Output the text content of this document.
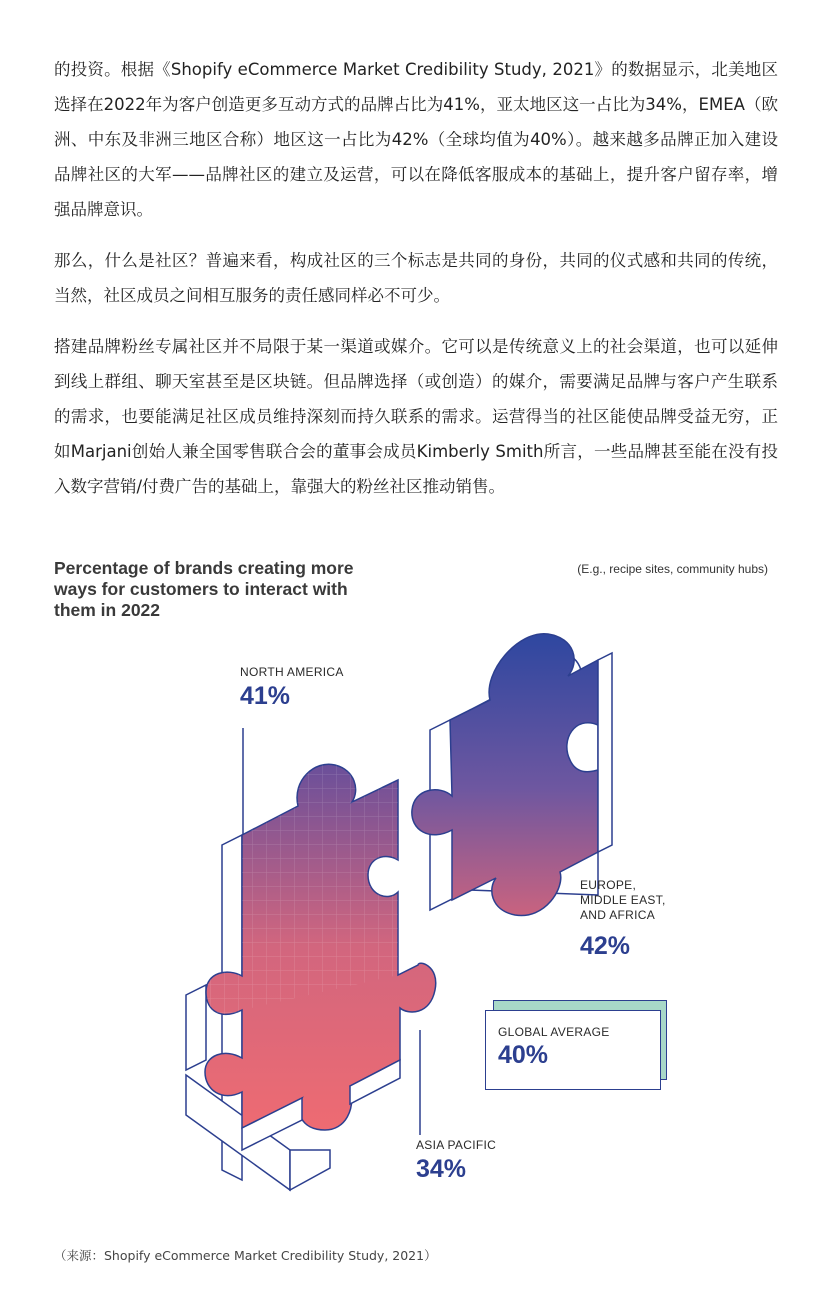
的投资。根据《Shopify eCommerce Market Credibility Study, 2021》的数据显示，北美地区选择在2022年为客户创造更多互动方式的品牌占比为41%，亚太地区这一占比为34%，EMEA（欧洲、中东及非洲三地区合称）地区这一占比为42%（全球均值为40%）。越来越多品牌正加入建设品牌社区的大军——品牌社区的建立及运营，可以在降低客服成本的基础上，提升客户留存率，增强品牌意识。

那么，什么是社区？普遍来看，构成社区的三个标志是共同的身份，共同的仪式感和共同的传统，当然，社区成员之间相互服务的责任感同样必不可少。

搭建品牌粉丝专属社区并不局限于某一渠道或媒介。它可以是传统意义上的社会渠道，也可以延伸到线上群组、聊天室甚至是区块链。但品牌选择（或创造）的媒介，需要满足品牌与客户产生联系的需求，也要能满足社区成员维持深刻而持久联系的需求。运营得当的社区能使品牌受益无穷，正如Marjani创始人兼全国零售联合会的董事会成员Kimberly Smith所言，一些品牌甚至能在没有投入数字营销/付费广告的基础上，靠强大的粉丝社区推动销售。

Percentage of brands creating more ways for customers to interact with them in 2022
(E.g., recipe sites, community hubs)
NORTH AMERICA
41%
EUROPE,
MIDDLE EAST,
AND AFRICA
42%
ASIA PACIFIC
34%
GLOBAL AVERAGE
40%
（来源：Shopify eCommerce Market Credibility Study, 2021）
